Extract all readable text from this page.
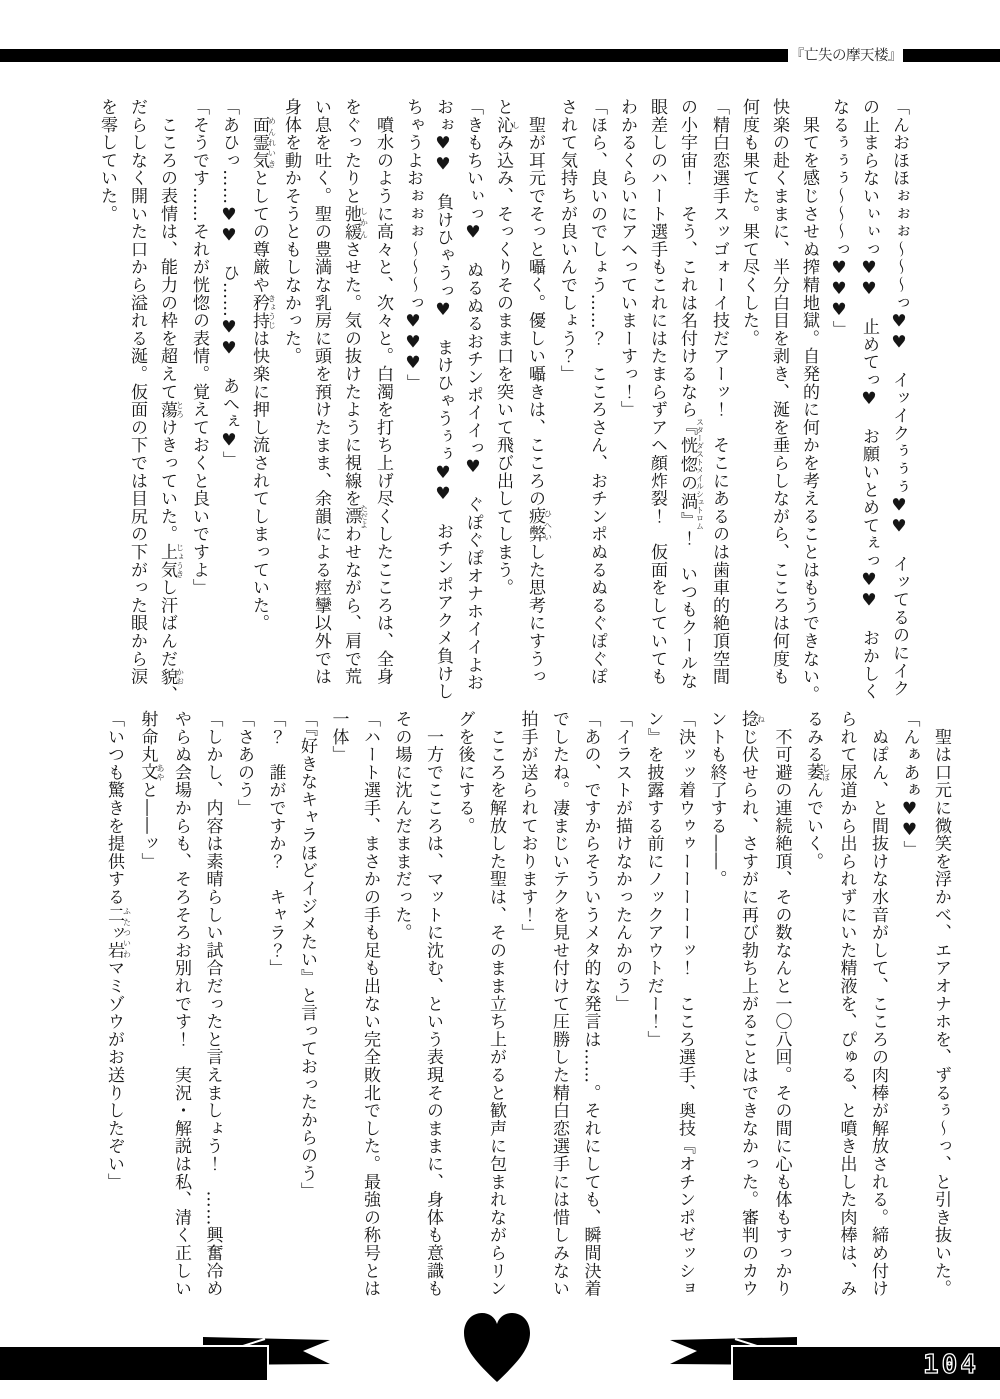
『亡失の摩天楼』

「んおほほぉぉぉ〜〜〜っ♥♥　イッイクぅぅぅ♥♥　イッてるのにイク

の止まらないぃぃっ♥♥　止めてっ♥　お願いとめてぇっ♥♥　おかしく

なるぅぅぅ〜〜〜っ♥♥♥」

　果てを感じさせぬ搾精地獄。自発的に何かを考えることはもうできない。

快楽の赴くままに、半分白目を剥き、涎を垂らしながら、こころは何度も

何度も果てた。果て尽くした。

「精白恋選手スッゴォーイ技だアーッ！　そこにあるのは歯車的絶頂空間

の小宇宙！　そう、これは名付けるなら『恍惚の渦』スターダストメイルシュトロム！　いつもクールな

眼差しのハート選手もこれにはたまらずアヘ顔炸裂！　仮面をしていても

わかるくらいにアヘっていまーすっ！」

「ほら、良いのでしょう……？　こころさん、おチンポぬるぬるぐぽぐぽ

されて気持ちが良いんでしょう？」

　聖が耳元でそっと囁く。優しい囁きは、こころの疲弊ひへいした思考にすうっ

と沁しみ込み、そっくりそのまま口を突いて飛び出してしまう。

「きもちいぃっ♥　ぬるぬるおチンポイイっ♥　ぐぽぐぽオナホイイよお

おぉ♥♥　負けひゃうっ♥　まけひゃうぅぅ♥♥　おチンポアクメ負けし

ちゃうよおぉぉぉ〜〜〜っ♥♥♥」

　噴水のように高々と、次々と。白濁を打ち上げ尽くしたこころは、全身

をぐったりと弛緩しかんさせた。気の抜けたように視線を漂ただよわせながら、肩で荒

い息を吐く。聖の豊満な乳房に頭を預けたまま、余韻による痙攣以外では

身体を動かそうともしなかった。

　面霊気めんれいきとしての尊厳や矜持きょうじは快楽に押し流されてしまっていた。

「あひっ……♥♥　ひ……♥♥　あへぇ♥」

「そうです……それが恍惚の表情。覚えておくと良いですよ」

　こころの表情は、能力の枠を超えて蕩とろけきっていた。上気じょうきし汗ばんだ貌かお、

だらしなく開いた口から溢れる涎。仮面の下では目尻の下がった眼から涙

を零していた。

　聖は口元に微笑を浮かべ、エアオナホを、ずるぅ〜っ、と引き抜いた。

「んぁあぁ♥♥」

　ぬぽん、と間抜けな水音がして、こころの肉棒が解放される。締め付け

られて尿道から出られずにいた精液を、ぴゅる、と噴き出した肉棒は、み

るみる萎しぼんでいく。

　不可避の連続絶頂、その数なんと一〇八回。その間に心も体もすっかり

捻ねじ伏せられ、さすがに再び勃ち上がることはできなかった。審判のカウ

ントも終了する――。

「決ッッ着ウゥゥーーーーーッ！　こころ選手、奥技『オチンポゼッショ

ン』を披露する前にノックアウトだー！」

「イラストが描けなかったんかのう」

「あの、ですからそういうメタ的な発言は……。それにしても、瞬間決着

でしたね。凄まじいテクを見せ付けて圧勝した精白恋選手には惜しみない

拍手が送られております！」

　こころを解放した聖は、そのまま立ち上がると歓声に包まれながらリン

グを後にする。

　一方でこころは、マットに沈む、という表現そのままに、身体も意識も

その場に沈んだままだった。

「ハート選手、まさかの手も足も出ない完全敗北でした。最強の称号とは

一体」

「『好きなキャラほどイジメたい』と言っておったからのう」

「？　誰がですか？　キャラ？」

「さあのう」

「しかし、内容は素晴らしい試合だったと言えましょう！　……興奮冷め

やらぬ会場からも、そろそろお別れです！　実況・解説は私、清く正しい

射命丸文あやと――ッ」

「いつも驚きを提供する二ッ岩ふたついわマミゾウがお送りしたぞい」

104
